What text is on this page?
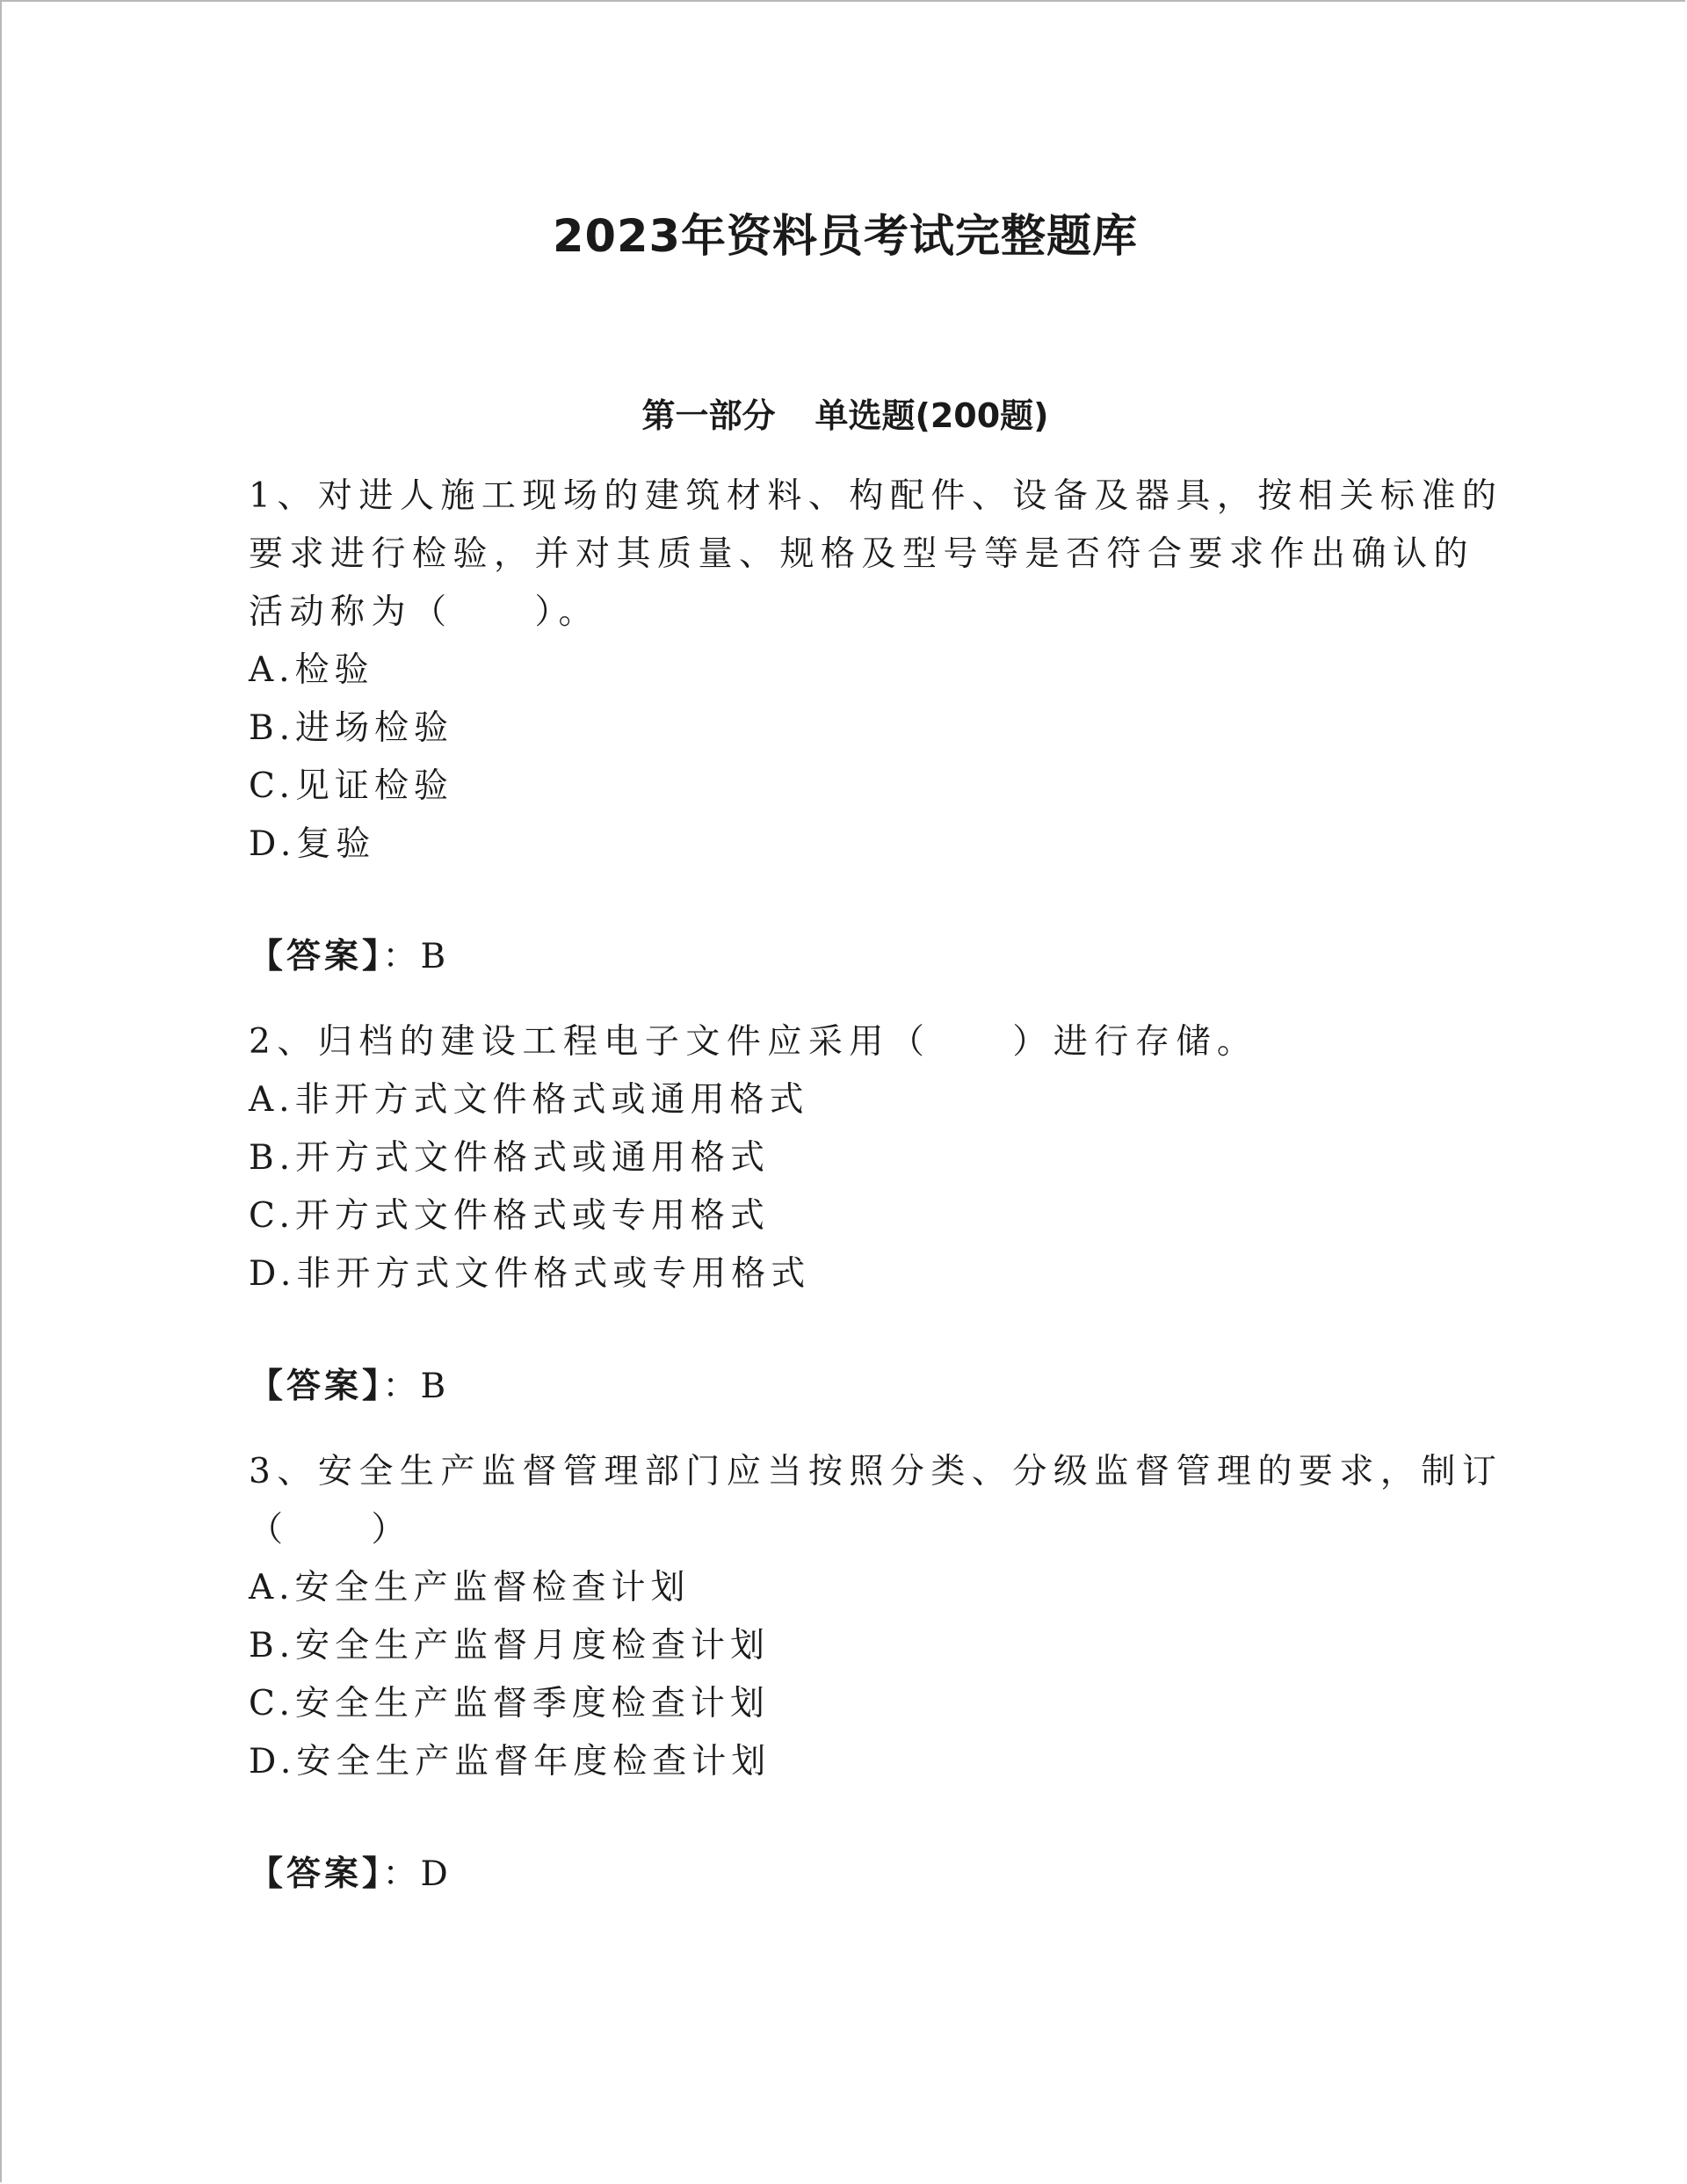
2023年资料员考试完整题库
第一部分 单选题(200题)
1、对进人施工现场的建筑材料、构配件、设备及器具，按相关标准的
要求进行检验，并对其质量、规格及型号等是否符合要求作出确认的
活动称为（　　）。
A.检验
B.进场检验
C.见证检验
D.复验
【答案】：B
2、归档的建设工程电子文件应采用（　　）进行存储。
A.非开方式文件格式或通用格式
B.开方式文件格式或通用格式
C.开方式文件格式或专用格式
D.非开方式文件格式或专用格式
【答案】：B
3、安全生产监督管理部门应当按照分类、分级监督管理的要求，制订
（　　）
A.安全生产监督检查计划
B.安全生产监督月度检查计划
C.安全生产监督季度检查计划
D.安全生产监督年度检查计划
【答案】：D
